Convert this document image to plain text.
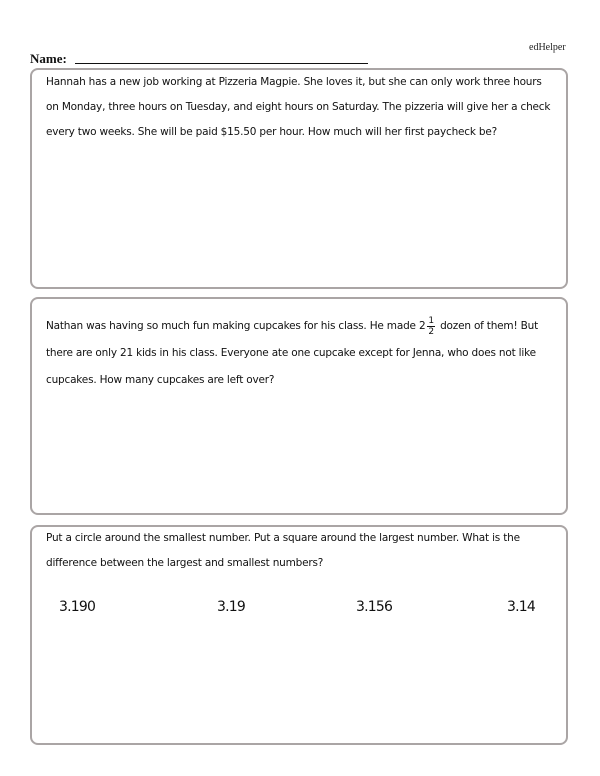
edHelper
Name:
Hannah has a new job working at Pizzeria Magpie. She loves it, but she can only work three hours on Monday, three hours on Tuesday, and eight hours on Saturday. The pizzeria will give her a check every two weeks. She will be paid $15.50 per hour. How much will her first paycheck be?
Nathan was having so much fun making cupcakes for his class. He made $2 \frac{1}{2}$ dozen of them! But there are only 21 kids in his class. Everyone ate one cupcake except for Jenna, who does not like cupcakes. How many cupcakes are left over?
Put a circle around the smallest number. Put a square around the largest number. What is the difference between the largest and smallest numbers?
3.190	3.19	3.156	3.14
